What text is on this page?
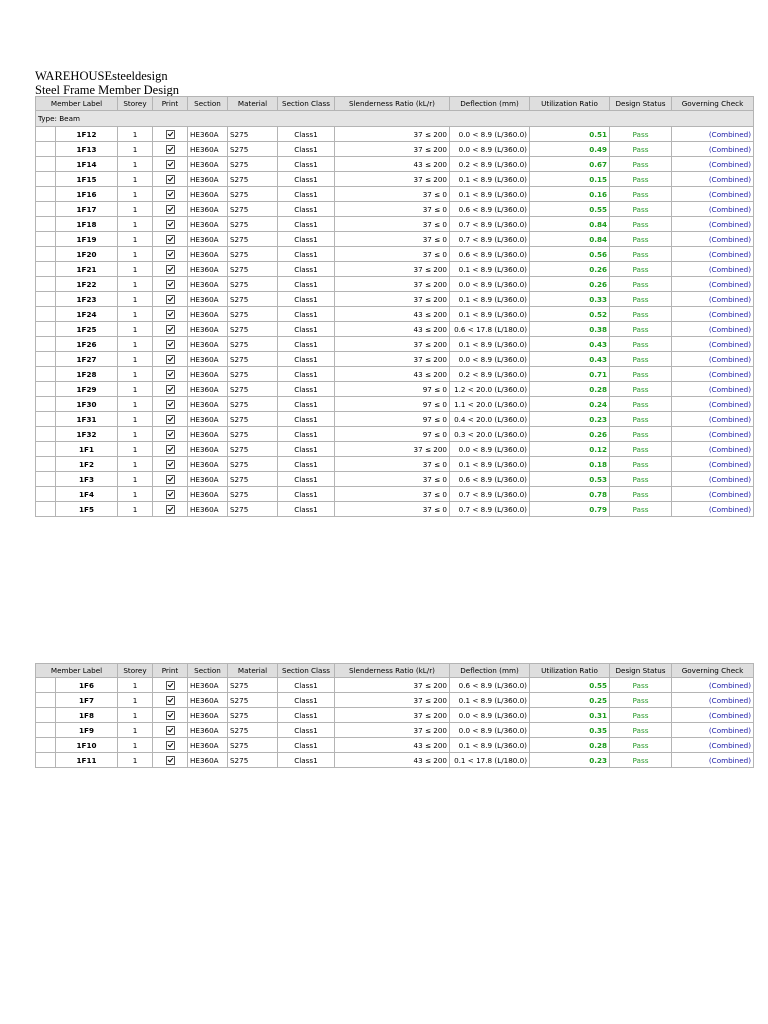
WAREHOUSEsteeldesign
Steel Frame Member Design
Member Label		Storey	Print	Section	Material	Section Class	Slenderness Ratio (kL/r)	Deflection (mm)	Utilization Ratio	Design Status	Governing Check
Type: Beam											
	1F12	1		HE360A	S275	Class1	37 ≤ 200	0.0 < 8.9 (L/360.0)	0.51	Pass	(Combined)
	1F13	1		HE360A	S275	Class1	37 ≤ 200	0.0 < 8.9 (L/360.0)	0.49	Pass	(Combined)
	1F14	1		HE360A	S275	Class1	43 ≤ 200	0.2 < 8.9 (L/360.0)	0.67	Pass	(Combined)
	1F15	1		HE360A	S275	Class1	37 ≤ 200	0.1 < 8.9 (L/360.0)	0.15	Pass	(Combined)
	1F16	1		HE360A	S275	Class1	37 ≤ 0	0.1 < 8.9 (L/360.0)	0.16	Pass	(Combined)
	1F17	1		HE360A	S275	Class1	37 ≤ 0	0.6 < 8.9 (L/360.0)	0.55	Pass	(Combined)
	1F18	1		HE360A	S275	Class1	37 ≤ 0	0.7 < 8.9 (L/360.0)	0.84	Pass	(Combined)
	1F19	1		HE360A	S275	Class1	37 ≤ 0	0.7 < 8.9 (L/360.0)	0.84	Pass	(Combined)
	1F20	1		HE360A	S275	Class1	37 ≤ 0	0.6 < 8.9 (L/360.0)	0.56	Pass	(Combined)
	1F21	1		HE360A	S275	Class1	37 ≤ 200	0.1 < 8.9 (L/360.0)	0.26	Pass	(Combined)
	1F22	1		HE360A	S275	Class1	37 ≤ 200	0.0 < 8.9 (L/360.0)	0.26	Pass	(Combined)
	1F23	1		HE360A	S275	Class1	37 ≤ 200	0.1 < 8.9 (L/360.0)	0.33	Pass	(Combined)
	1F24	1		HE360A	S275	Class1	43 ≤ 200	0.1 < 8.9 (L/360.0)	0.52	Pass	(Combined)
	1F25	1		HE360A	S275	Class1	43 ≤ 200	0.6 < 17.8 (L/180.0)	0.38	Pass	(Combined)
	1F26	1		HE360A	S275	Class1	37 ≤ 200	0.1 < 8.9 (L/360.0)	0.43	Pass	(Combined)
	1F27	1		HE360A	S275	Class1	37 ≤ 200	0.0 < 8.9 (L/360.0)	0.43	Pass	(Combined)
	1F28	1		HE360A	S275	Class1	43 ≤ 200	0.2 < 8.9 (L/360.0)	0.71	Pass	(Combined)
	1F29	1		HE360A	S275	Class1	97 ≤ 0	1.2 < 20.0 (L/360.0)	0.28	Pass	(Combined)
	1F30	1		HE360A	S275	Class1	97 ≤ 0	1.1 < 20.0 (L/360.0)	0.24	Pass	(Combined)
	1F31	1		HE360A	S275	Class1	97 ≤ 0	0.4 < 20.0 (L/360.0)	0.23	Pass	(Combined)
	1F32	1		HE360A	S275	Class1	97 ≤ 0	0.3 < 20.0 (L/360.0)	0.26	Pass	(Combined)
	1F1	1		HE360A	S275	Class1	37 ≤ 200	0.0 < 8.9 (L/360.0)	0.12	Pass	(Combined)
	1F2	1		HE360A	S275	Class1	37 ≤ 0	0.1 < 8.9 (L/360.0)	0.18	Pass	(Combined)
	1F3	1		HE360A	S275	Class1	37 ≤ 0	0.6 < 8.9 (L/360.0)	0.53	Pass	(Combined)
	1F4	1		HE360A	S275	Class1	37 ≤ 0	0.7 < 8.9 (L/360.0)	0.78	Pass	(Combined)
	1F5	1		HE360A	S275	Class1	37 ≤ 0	0.7 < 8.9 (L/360.0)	0.79	Pass	(Combined)
Member Label		Storey	Print	Section	Material	Section Class	Slenderness Ratio (kL/r)	Deflection (mm)	Utilization Ratio	Design Status	Governing Check
	1F6	1		HE360A	S275	Class1	37 ≤ 200	0.6 < 8.9 (L/360.0)	0.55	Pass	(Combined)
	1F7	1		HE360A	S275	Class1	37 ≤ 200	0.1 < 8.9 (L/360.0)	0.25	Pass	(Combined)
	1F8	1		HE360A	S275	Class1	37 ≤ 200	0.0 < 8.9 (L/360.0)	0.31	Pass	(Combined)
	1F9	1		HE360A	S275	Class1	37 ≤ 200	0.0 < 8.9 (L/360.0)	0.35	Pass	(Combined)
	1F10	1		HE360A	S275	Class1	43 ≤ 200	0.1 < 8.9 (L/360.0)	0.28	Pass	(Combined)
	1F11	1		HE360A	S275	Class1	43 ≤ 200	0.1 < 17.8 (L/180.0)	0.23	Pass	(Combined)
